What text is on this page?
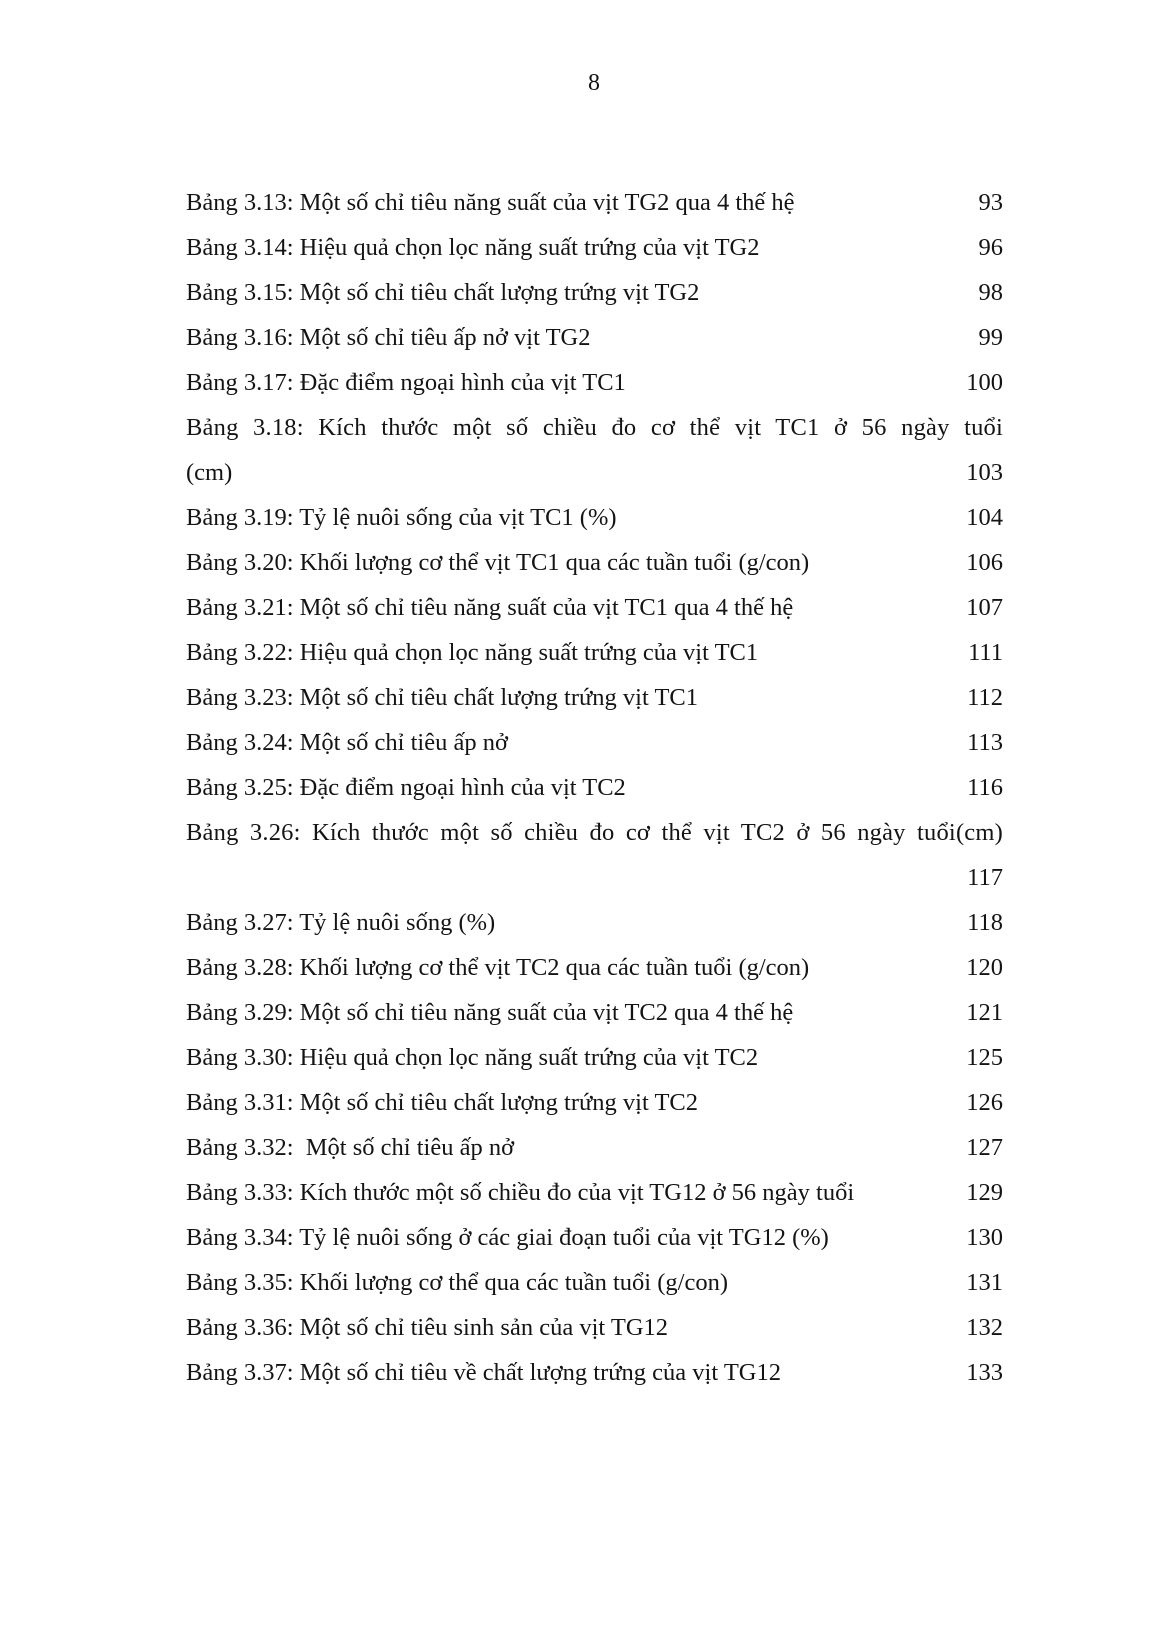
8
Bảng 3.13: Một số chỉ tiêu năng suất của vịt TG2 qua 4 thế hệ	93
Bảng 3.14: Hiệu quả chọn lọc năng suất trứng của vịt TG2	96
Bảng 3.15: Một số chỉ tiêu chất lượng trứng vịt TG2	98
Bảng 3.16: Một số chỉ tiêu ấp nở vịt TG2	99
Bảng 3.17: Đặc điểm ngoại hình của vịt TC1	100
Bảng 3.18: Kích thước một số chiều đo cơ thể vịt TC1 ở 56 ngày tuổi
(cm)	103
Bảng 3.19: Tỷ lệ nuôi sống của vịt TC1 (%)	104
Bảng 3.20: Khối lượng cơ thể vịt TC1 qua các tuần tuổi (g/con)	106
Bảng 3.21: Một số chỉ tiêu năng suất của vịt TC1 qua 4 thế hệ	107
Bảng 3.22: Hiệu quả chọn lọc năng suất trứng của vịt TC1	111
Bảng 3.23: Một số chỉ tiêu chất lượng trứng vịt TC1	112
Bảng 3.24: Một số chỉ tiêu ấp nở	113
Bảng 3.25: Đặc điểm ngoại hình của vịt TC2	116
Bảng 3.26: Kích thước một số chiều đo cơ thể vịt TC2 ở 56 ngày tuổi(cm)
117
Bảng 3.27: Tỷ lệ nuôi sống (%)	118
Bảng 3.28: Khối lượng cơ thể vịt TC2 qua các tuần tuổi (g/con)	120
Bảng 3.29: Một số chỉ tiêu năng suất của vịt TC2 qua 4 thế hệ	121
Bảng 3.30: Hiệu quả chọn lọc năng suất trứng của vịt TC2	125
Bảng 3.31: Một số chỉ tiêu chất lượng trứng vịt TC2	126
Bảng 3.32:  Một số chỉ tiêu ấp nở	127
Bảng 3.33: Kích thước một số chiều đo của vịt TG12 ở 56 ngày tuổi	129
Bảng 3.34: Tỷ lệ nuôi sống ở các giai đoạn tuổi của vịt TG12 (%)	130
Bảng 3.35: Khối lượng cơ thể qua các tuần tuổi (g/con)	131
Bảng 3.36: Một số chỉ tiêu sinh sản của vịt TG12	132
Bảng 3.37: Một số chỉ tiêu về chất lượng trứng của vịt TG12	133
